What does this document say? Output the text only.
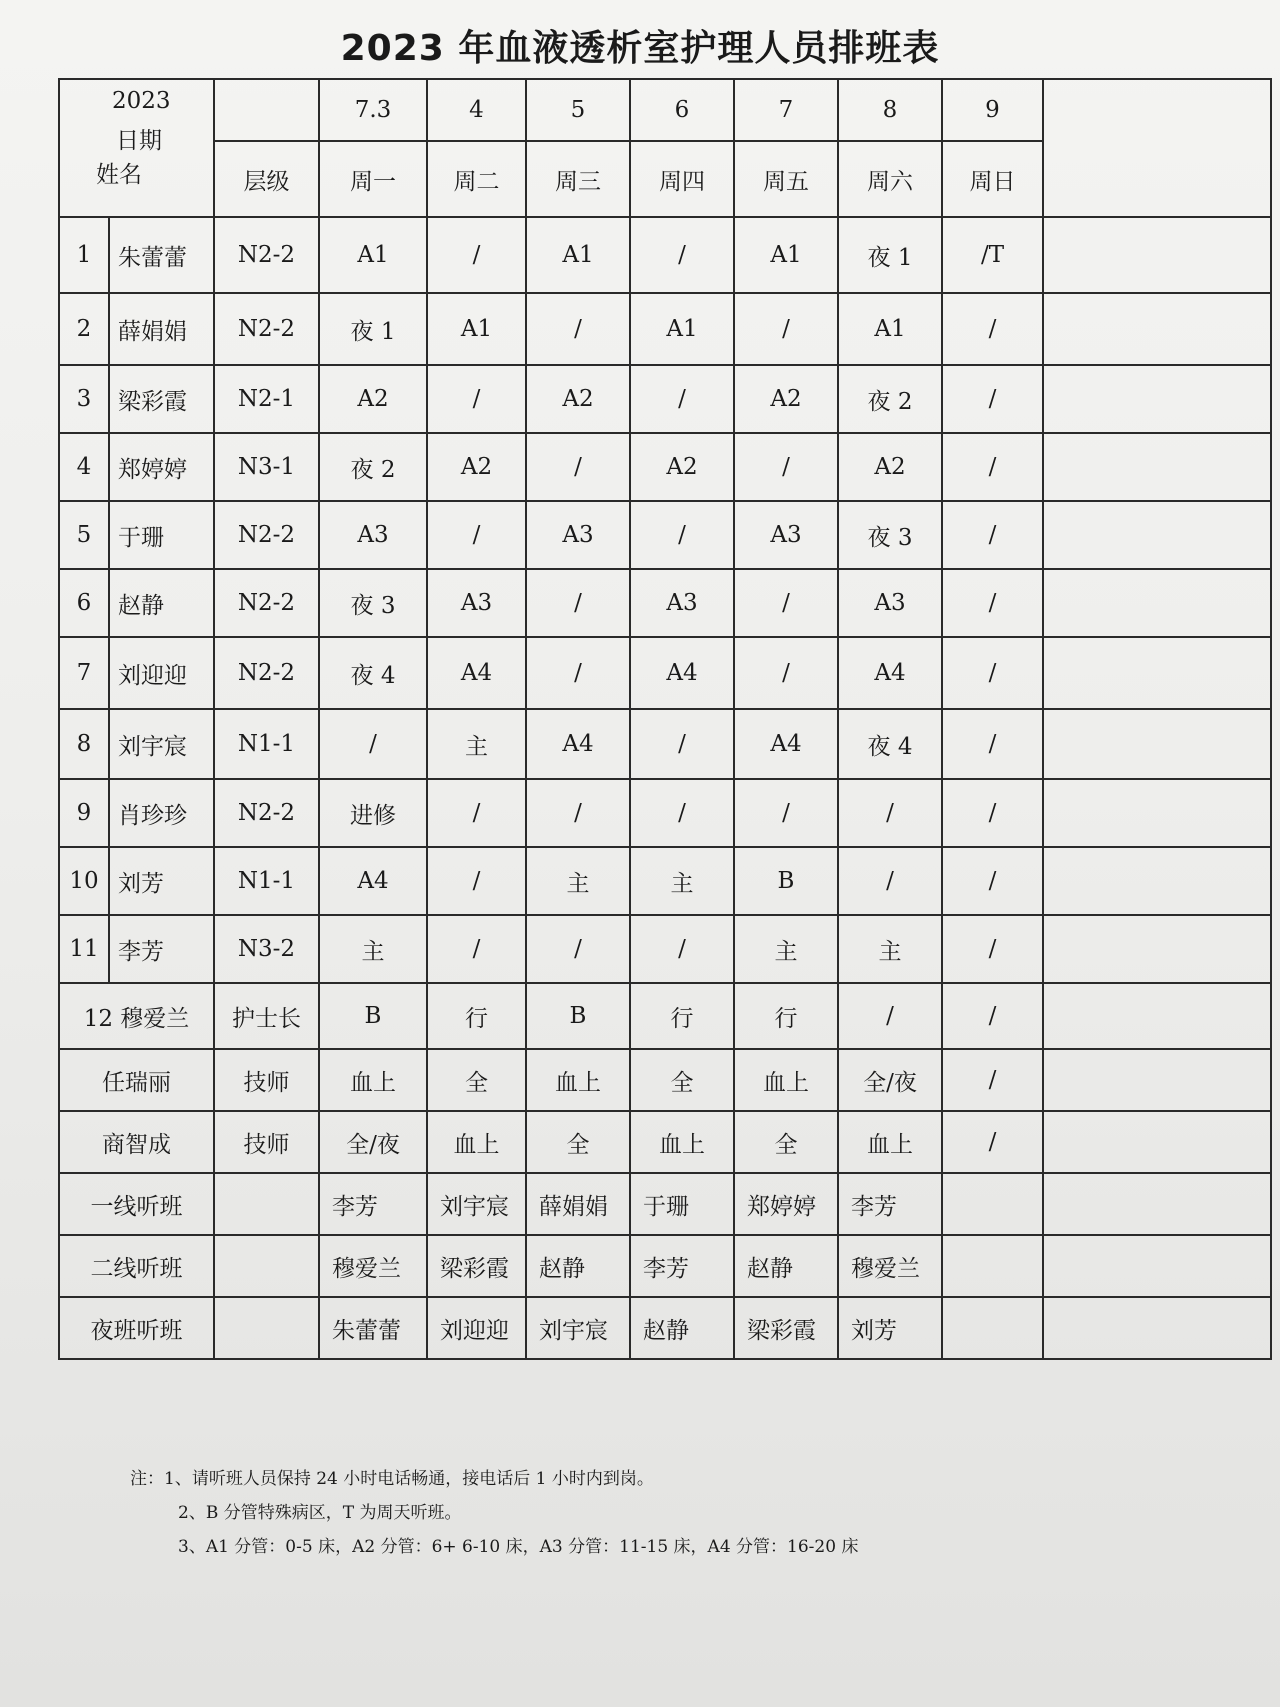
2023 年血液透析室护理人员排班表
2023
日期
姓名			7.3	4	5	6	7	8	9	
		层级	周一	周二	周三	周四	周五	周六	周日	
1	朱蕾蕾	N2-2	A1	/	A1	/	A1	夜 1	/T	
2	薛娟娟	N2-2	夜 1	A1	/	A1	/	A1	/	
3	梁彩霞	N2-1	A2	/	A2	/	A2	夜 2	/	
4	郑婷婷	N3-1	夜 2	A2	/	A2	/	A2	/	
5	于珊	N2-2	A3	/	A3	/	A3	夜 3	/	
6	赵静	N2-2	夜 3	A3	/	A3	/	A3	/	
7	刘迎迎	N2-2	夜 4	A4	/	A4	/	A4	/	
8	刘宇宸	N1-1	/	主	A4	/	A4	夜 4	/	
9	肖珍珍	N2-2	进修	/	/	/	/	/	/	
10	刘芳	N1-1	A4	/	主	主	B	/	/	
11	李芳	N3-2	主	/	/	/	主	主	/	
12 穆爱兰		护士长	B	行	B	行	行	/	/	
任瑞丽		技师	血上	全	血上	全	血上	全/夜	/	
商智成		技师	全/夜	血上	全	血上	全	血上	/	
一线听班			李芳	刘宇宸	薛娟娟	于珊	郑婷婷	李芳		
二线听班			穆爱兰	梁彩霞	赵静	李芳	赵静	穆爱兰		
夜班听班			朱蕾蕾	刘迎迎	刘宇宸	赵静	梁彩霞	刘芳		
注：1、请听班人员保持 24 小时电话畅通，接电话后 1 小时内到岗。
2、B 分管特殊病区，T 为周天听班。
3、A1 分管：0-5 床，A2 分管：6+ 6-10 床，A3 分管：11-15 床，A4 分管：16-20 床
